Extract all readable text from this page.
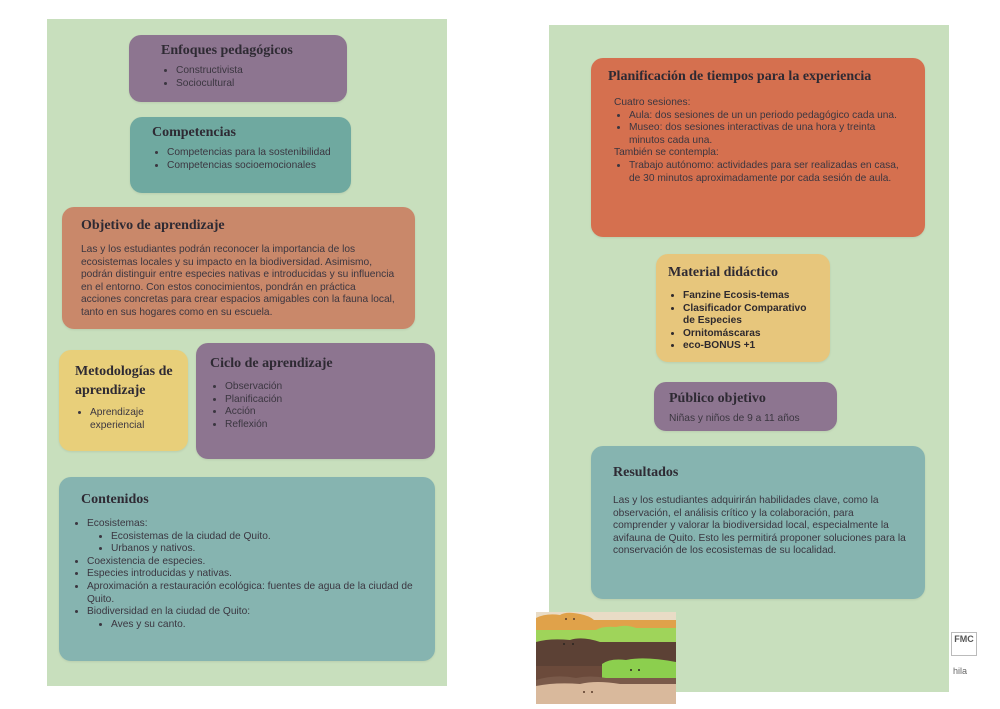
Enfoques pedagógicos
• Constructivista
• Sociocultural
Competencias
• Competencias para la sostenibilidad
• Competencias socioemocionales
Objetivo de aprendizaje

Las y los estudiantes podrán reconocer la importancia de los ecosistemas locales y su impacto en la biodiversidad. Asimismo, podrán distinguir entre especies nativas e introducidas y su influencia en el entorno. Con estos conocimientos, pondrán en práctica acciones concretas para crear espacios amigables con la fauna local, tanto en sus hogares como en su escuela.

Metodologías de aprendizaje
• Aprendizaje experiencial
Ciclo de aprendizaje
• Observación
• Planificación
• Acción
• Reflexión
Contenidos
• Ecosistemas:
• Ecosistemas de la ciudad de Quito.
• Urbanos y nativos.
• Coexistencia de especies.
• Especies introducidas y nativas.
• Aproximación a restauración ecológica: fuentes de agua de la ciudad de Quito.
• Biodiversidad en la ciudad de Quito:
• Aves y su canto.
Planificación de tiempos para la experiencia

Cuatro sesiones:

• Aula: dos sesiones de un un periodo pedagógico cada una.
• Museo: dos sesiones interactivas de una hora y treinta minutos cada una.

También se contempla:

• Trabajo autónomo: actividades para ser realizadas en casa, de 30 minutos aproximadamente por cada sesión de aula.
Material didáctico
• Fanzine Ecosis-temas
• Clasificador Comparativo de Especies
• Ornitomáscaras
• eco-BONUS +1
Público objetivo

Niñas y niños de 9 a 11 años

Resultados

Las y los estudiantes adquirirán habilidades clave, como la observación, el análisis crítico y la colaboración, para comprender y valorar la biodiversidad local, especialmente la avifauna de Quito. Esto les permitirá proponer soluciones para la conservación de los ecosistemas de su localidad.

FMC
hila
